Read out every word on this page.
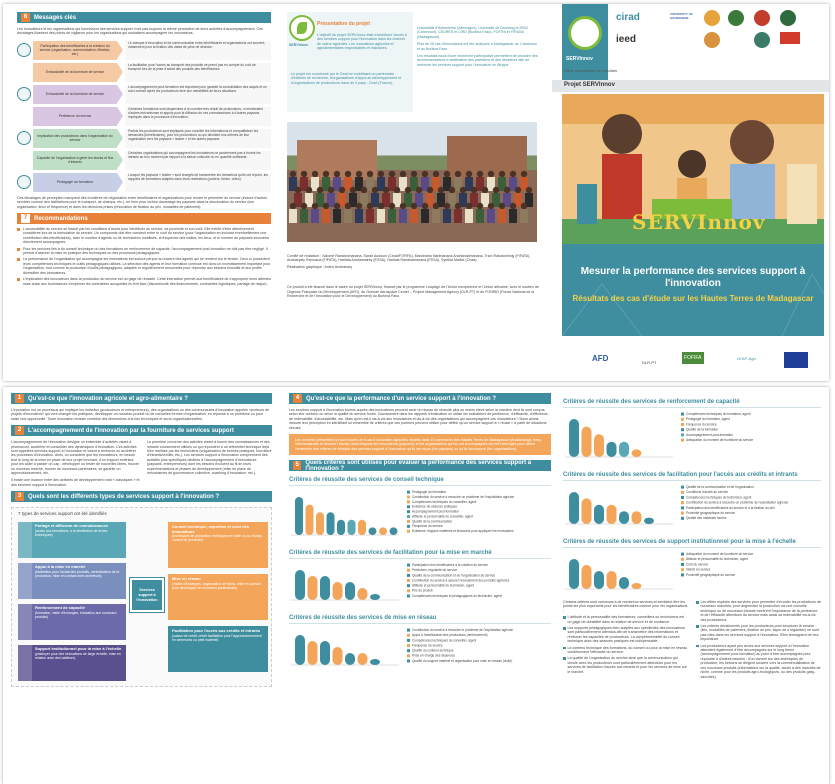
6	Messages clés

Les innovateurs et les organisations qui fournissent des services support n'ont pas toujours la même perception de leurs activités d'accompagnement. Ces décalages illustrent des points de vigilance pour les organisations qui souhaitent accompagner les innovateurs.

Participation des bénéficiaires à la création du service (organisation, communication, filtration, etc.)
Le manque d'innovation et de communication entre bénéficiaires et organisations ont souvent, notamment pour la fixation des dates de prise de décision
Exhaustivité de la fourniture de service
La facilitation pour l'accès au transport des produits ne prend pas en compte du coût de transport lors de la prise d'achat des produits des bénéficiaires.
Exhaustivité de la fourniture de service
L'accompagnement post-formation est important pour garantir la consolidation des acquis et un suivi-conseil après les producteurs face aux variabilités de leurs situations.
Pertinence du service
Certaines formations sont dispensées à un nombre très réduit de producteurs, ni nécessitent d'autres mécanismes et appuis pour la diffusion de ces connaissances à d'autres paysans impliqués dans le processus d'innovation.
Implication des producteurs dans l'organisation du service
Parfois les producteurs sont impliqués pour concilier les informations et compatibiliser les demandes (bénéficiaires), pour les producteurs ou qui décident eux-mêmes de leur organisation vers les paysans « leader » et les autres paysans.
Capacité de l'organisation à gérer les stocks et flux d'intrants
Certaines organisations qui accompagnent les innovateurs ne parviennent pas à fournir les intrants au bon moment par rapport à la saison culturale ou en quantité suffisante.
Pédagogie du formateur
Lorsque les paysans « leader » sont chargés de transmettre les formations qu'ils ont reçues, les rapports de formations adaptés dans leurs restitutions (posters, fiches, vidéo).

Ces décalages de perception marquent des frontières de négociation entre bénéficiaires et organisations pour rendre le périmètre du service (inclure d'autres services comme des facilitations pour le transport, de champs, etc.), en bien pour inclure davantage les paysans dans la structuration du service (son organisation, lieux et fréquence) et dans les décisions prises (révocation de fixation du prix, modalités de paiement).

7	Recommandations

L'accessibilité du service se traduit par les conditions d'accès pour bénéficier du service, sa proximité et son coût. Elle mérite d'être attentivement considérée lors de la formulation du service. Un compromis doit être construit entre le coût du service (pour l'organisation en incluant éventuellement une contribution des bénéficiaires), avec le nombre d'agents ou de techniciens mobilisés, la fréquence des visites, les lieux, et le nombre de paysans innovants directement accompagnés.

Pour les services liés à du conseil technique ou des formations en renforcement de capacité, l'accompagnement post-formation ne doit pas être négligé. Il permet d'assurer la mise en pratique des techniques ou des processus pédagogiques.

La performance de l'organisation qui accompagne les innovateurs est surtout perçue au travers des agents qui se rendent sur le terrain. Ceux-ci possèdent leurs compétences techniques et outils pédagogiques utilisés. La sélection des agents et leur formation continue est donc un investissement important pour l'organisation, tout comme la production d'outils pédagogiques, adaptés et régulièrement renouvelés pour répondre aux besoins évolutifs et aux profils diversifiés des innovateurs.

L'implication des innovateurs dans la production du service est un gage de réussite. Cette interaction permet aux bénéficiaires de s'approprier leurs attentes mais aussi aux fournisseurs d'exprimer les contraintes auxquelles ils font face (discontinuité des financements, contraintes logistiques, partage de risque).

SERVInnov
Présentation du projet

L'objectif du projet SERVInnov était d'améliorer l'accès à des services support pour l'innovation dans les chaînes de valeur agricoles. Les innovations agricoles et agroalimentaires responsables et inclusives.

Le projet est coordonné par le Cirad en mobilisant un partenariat d'instituts de recherche, d'organisations d'appui au développement et d'organisations de producteurs issus de 5 pays : Cirad (France),

Universität d'Hohenheim (Allemagne), Université de Dschang et IRAD (Cameroun), CEDRES et CIRD (Burkina Faso), FOFIFA et FIFAMA (Madagascar).

Plus de 26 cas d'innovations ont été analysés à Madagascar, au Cameroun et au Burkina Faso.

Les résultats issus d'une recherche participative permettent de produire des recommandations à destination des praticiens et des décideurs afin de renforcer les services support pour l'innovation en Afrique.

Comité de rédaction : Salomé Ranaivomanana, Sarah Audouin (Cirad/FOFIFA), Mandranto Narimanana Andrianarimanana, Trion Rakotonirinjy (FIFATA), Andrianjafy Ramosoa (FIFATA), Harilala Andriamainty (ESSA), Harilala Randriamanana (ESSA), Synthia Maillot (Cirad).

Réalisation graphique : Anteo Andrianary

Ce produit a été financé dans le cadre du projet SERVInnov, financé par le programme LeapAgri de l'Union européenne et l'Union africaine, avec le soutien de l'Agence Française du Développement (AFD), du German Aerospace Center – Project Management Agency (DLR-PT) et du FONRID (Fonds National de la Recherche et de l'Innovation pour le Développement) du Burkina Faso.

SERVInnov
cirad	UNIVERSITY OF HOHENHEIM
ieed
Fiche synthétique de résultats
Projet SERVInnov
SERVInnov
Mesurer la performance des services support à l'innovation
Résultats des cas d'étude sur les Hautes Terres de Madagascar
AFD	DLR-PT
FOFIFA	LEAP-Agri
1	Qu'est-ce que l'innovation agricole et agro-alimentaire ?

L'innovation est un processus qui implique les individus (producteurs et entrepreneurs), des organisations ou des communautés d'innovation appelés «porteurs de projets d'innovation» qui vont changer les pratiques, développer un nouveau produit ou de nouvelles formes d'organisation, en réponse à un problème ou pour saisir une opportunité. Toute innovation réussie combine des dimensions à la fois techniques et socio-organisationnelles.

2	L'accompagnement de l'innovation par la fourniture de services support

L'accompagnement de l'innovation désigne un ensemble d'activités visant à promouvoir, accélérer et consolider des dynamiques d'innovation. Ces activités sont appelées services support à l'innovation et visent à renforcer ou accélérer les processus d'innovation. Ainsi, on considère que les innovateurs, en besoin tout le long de la mise en place de leur projet innovant, d'un support extérieur pour les aider à passer un cap : développer ou tester de nouvelles idées, trouver un nouveau marché, trouver de nouveaux partenaires, se garantir un approvisionnement, etc.

Il existe une nuance entre des activités de développement rural « classiques » et des services support à l'innovation.

La première concerne des activités visant à fournir des connaissances et des intrants couramment utilisés ou qui répondent à un référentiel technique déjà bien maîtrisé par les techniciens (vulgarisation de bonnes pratiques, fourniture d'intrants/crédits, etc.). Les services support à l'innovation comprennent des activités plus spécifiques dédiées à l'accompagnement d'innovateurs (paysans, entrepreneurs) dont les besoins évoluent au fil de leurs expérimentations et phases de développement (mise en place de mécanismes de gouvernance collective, coaching d'innovation, etc.).

3	Quels sont les différents types de services support à l'innovation ?
7 types de services support ont été identifiés
Partage et diffusion de connaissances
(accès aux formations, à la distribution de fiches techniques)
Appui à la mise en marché
(facilitation pour l'achat des produits, centralisation de la production, mise en contact avec acheteurs)
Renforcement de capacité
(formation, visite d'échanges, éducation aux nouveaux produits)
Support institutionnel pour la mise à l'échelle
(plaidoyer pour des innovations de large échelle, mise en relation avec des bailleurs)
Services support à l'innovation
Conseil technique, expertise et suivi des innovations
(techniques de production techniques en salle ou au champ, conseil de proximité)
Mise en réseau
(visites d'échanges, organisation de foires, mise en contact pour développer de nouveaux partenariats)
Facilitation pour l'accès aux crédits et intrants
(caisse de crédit, crédit facilitation pour l'approvisionnement en semences ou petit matériel)
4	Qu'est-ce que la performance d'un service support à l'innovation ?

Les services support à l'innovation fournis auprès des innovateurs peuvent avoir un niveau de réussite plus ou moins élevé selon la manière dont ils sont conçus, selon leur contenu ou selon la qualité du service fourni. Couramment dans les rapports d'évaluation on utilise les indicateurs de pertinence, d'efficacité, d'efficience, de redevabilité, d'accessibilité, etc. Mais qu'en est-il vis-à-vis des innovateurs et vis-à-vis des organisations qui accompagnent ces innovateurs ? Nous avons mesuré leur perception en identifiant un ensemble de critères que ces porteurs peuvent utiliser pour définir qu'un service support a « réussi » à partir de situations vécues.

Les données présentées ici sont issues de 6 cas d'innovation agricoles répartis dans 15 communes des Hautes Terres de Madagascar (Analamanga, Itasy, Vakinankaratra et Amoron'i Mania) dans lesquels les innovateurs (paysans) et les organisations qui les ont accompagnés ont été interrogés pour définir l'ensemble des critères de réussite des services support à l'innovation qu'ils ont reçus (les paysans) ou qu'ils fournissent (les organisations).

5	Quels critères sont utilisés pour évaluer la performance des services support à l'innovation ?
Critères de réussite des services de conseil technique
Pédagogie du formateur
Contribution du service à résoudre un problème de l'exploitation agricole
Compétences techniques du conseiller, agent
Existence de séances pratiques
Accompagnement post-formation
Attitude et personnalité du conseiller, agent
Qualité de la communication
Fréquence du service
Existence d'appuis matériels et financiers pour appliquer les innovations
Critères de réussite des services de facilitation pour la mise en marché
Participation des bénéficiaires à la création du service
Prévisions, régularité du service
Qualité de la communication et de l'organisation du service
Contribution du service à assurer l'écoulement des produits agricoles
Attitude et personnalité du technicien, agent
Prix du produit
Compétences techniques et pédagogiques du technicien, agent
Critères de réussite des services de mise en réseau
Contribution du service à résoudre le problème de l'exploitation agricole
Appui à l'amélioration des productions (renforcement)
Compétences techniques du conseiller, agent
Fréquence du service
Qualité du contenu technique
Prise en charge des dépenses
Qualité du support matériel et organisation pour mise en réseau (visite)
Critères de réussite des services de renforcement de capacité
Compétences techniques du formateur, agent
Pédagogie du formateur, agent
Fréquence du service
Qualité de la formation
Accompagnement post-formation
Adéquation du moment de fourniture du service
Critères de réussite des services de facilitation pour l'accès aux crédits et intrants
Qualité de la communication et de l'organisation
Conditions d'accès au service
Compétences techniques du technicien, agent
Contribution du service à résoudre un problème de l'exploitation agricole
Participation des bénéficiaires au service et à la fixation du prix
Proximité géographique du service
Qualité des matériels fournis
Critères de réussite des services de support institutionnel pour la mise à l'échelle
Adéquation du moment de fourniture du service
Attitude et personnalité du technicien, agent
Coût du service
Intérêt du service
Proximité géographique du service

Certains critères sont communs à de nombreux services et semblent être les points les plus importants pour les bénéficiaires comme pour les organisations :

L'attitude et la personnalité des formateurs, conseillers ou techniciens est un gage de durabilité dans la relation de service et de confiance

Les supports pédagogiques bien adaptés aux spécificités des innovateurs sont particulièrement attendus afin de transmettre des informations et renforcer les capacités de producteurs. La complémentarité du conseil technique avec des séances pratiques est indispensable.

Le contenu technique des formations, du conseil ou pour la mise en réseau conditionnent l'efficacité du service.

La qualité de l'organisation du service ainsi que la communication qui circule avec les producteurs sont particulièrement attendues pour les services de facilitation d'accès aux intrants et pour les services de mise sur le marché.

Les effets espérés des services pour permettre d'écouler les productions de nouveaux marchés, pour augmenter la production via une nouvelle technique ou de nouveaux intrants montrent l'importance de la pertinence et de l'efficacité attendues du service mais aussi sa redevabilité vis-à-vis des producteurs.

Les critères décisionnels pour les producteurs pour structurer le service (lieu, modalités de paiement, fixation du prix, façon de s'organiser) ne sont pas cités dans les services support à l'innovation. Elles témoignent de leur importance.

Les producteurs ayant peu accès aux services support à l'innovation attendent également d'être accompagnés sur le long terme (accompagnement post-formation) au point d'être accompagnés pour répondre à d'autres besoins : d'un conseil sur des techniques de production, les besoins se dirigent souvent vers la commercialisation de ces nouveaux produits (informations sur la qualité, accès à des marchés de niche, comme pour les produits agro-écologiques, ou des produits gasy-vaccinés).
